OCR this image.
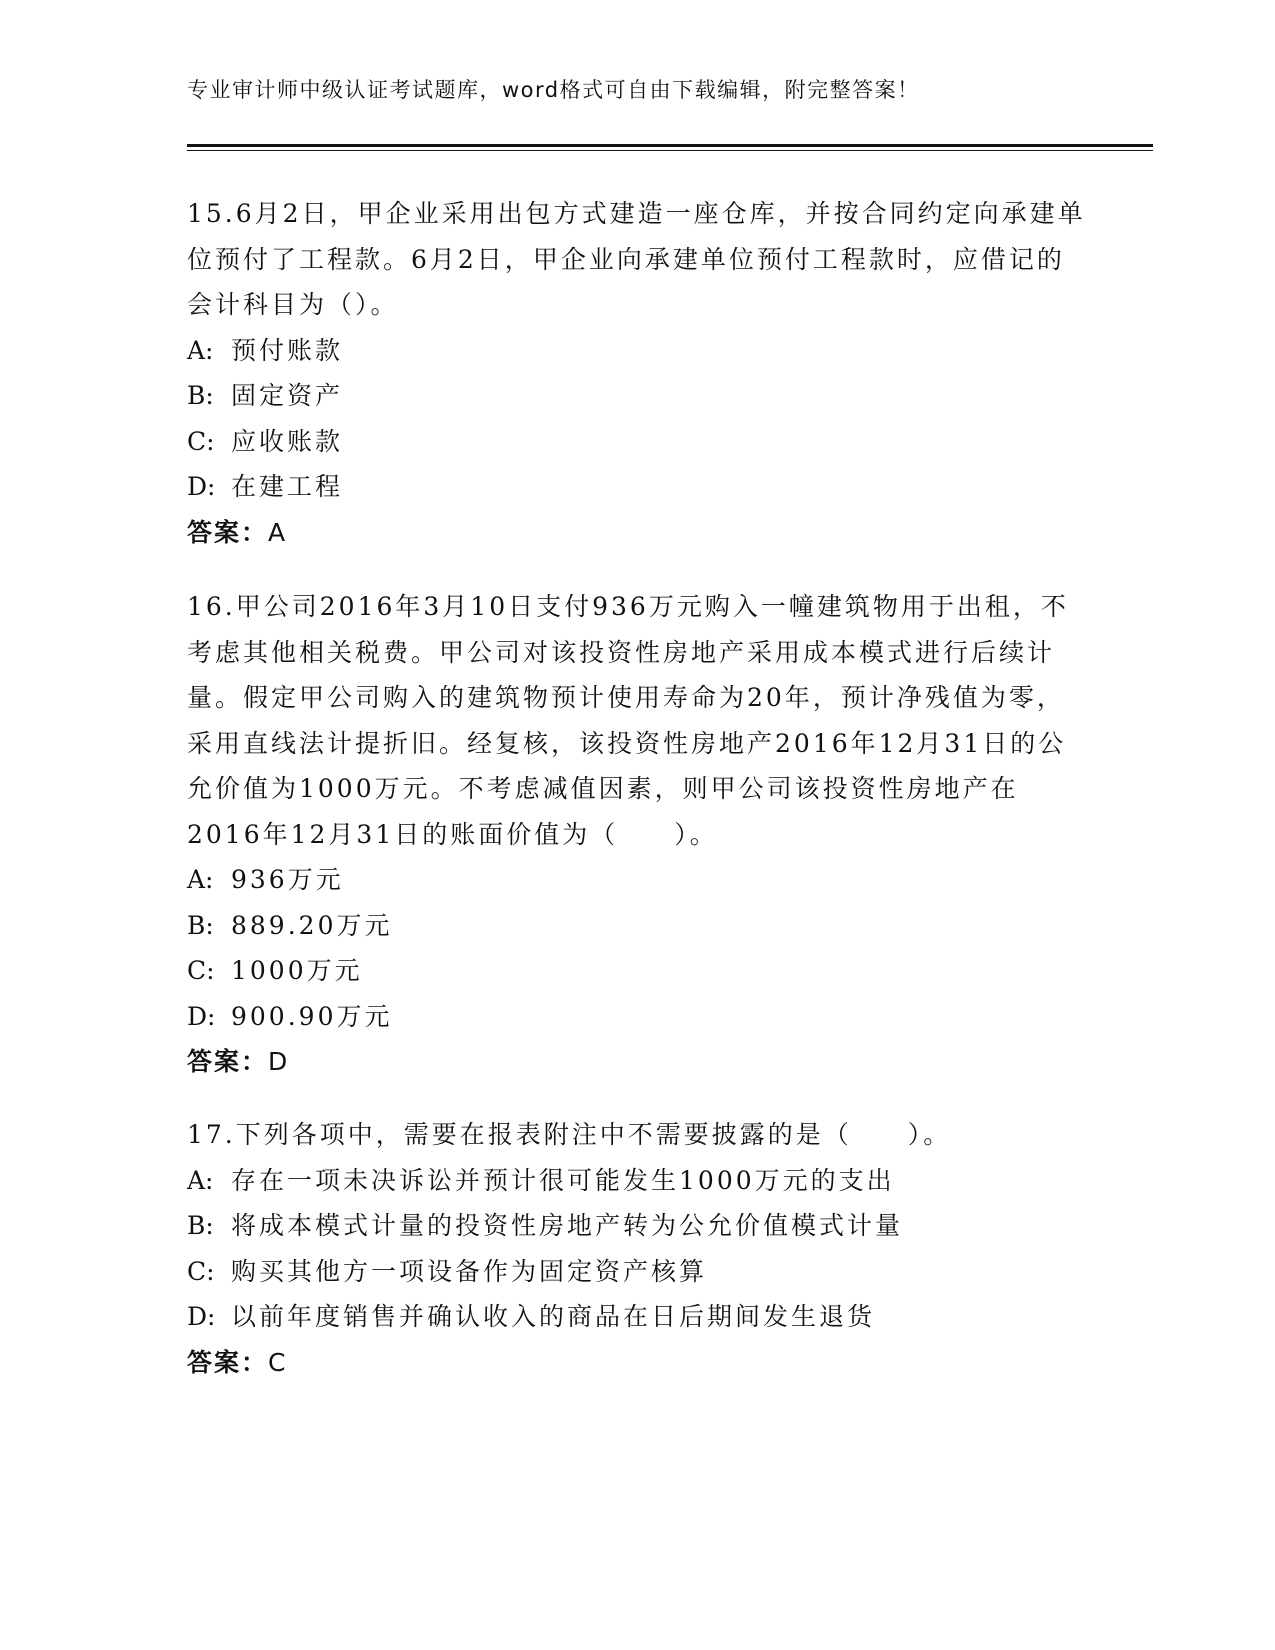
专业审计师中级认证考试题库，word格式可自由下载编辑，附完整答案！

15.6月2日，甲企业采用出包方式建造一座仓库，并按合同约定向承建单位预付了工程款。6月2日，甲企业向承建单位预付工程款时，应借记的会计科目为（）。

A: 预付账款

B: 固定资产

C: 应收账款

D: 在建工程

答案：A

16.甲公司2016年3月10日支付936万元购入一幢建筑物用于出租，不考虑其他相关税费。甲公司对该投资性房地产采用成本模式进行后续计量。假定甲公司购入的建筑物预计使用寿命为20年，预计净残值为零，采用直线法计提折旧。经复核，该投资性房地产2016年12月31日的公允价值为1000万元。不考虑减值因素，则甲公司该投资性房地产在2016年12月31日的账面价值为（　　）。

A: 936万元

B: 889.20万元

C: 1000万元

D: 900.90万元

答案：D

17.下列各项中，需要在报表附注中不需要披露的是（　　）。

A: 存在一项未决诉讼并预计很可能发生1000万元的支出

B: 将成本模式计量的投资性房地产转为公允价值模式计量

C: 购买其他方一项设备作为固定资产核算

D: 以前年度销售并确认收入的商品在日后期间发生退货

答案：C
